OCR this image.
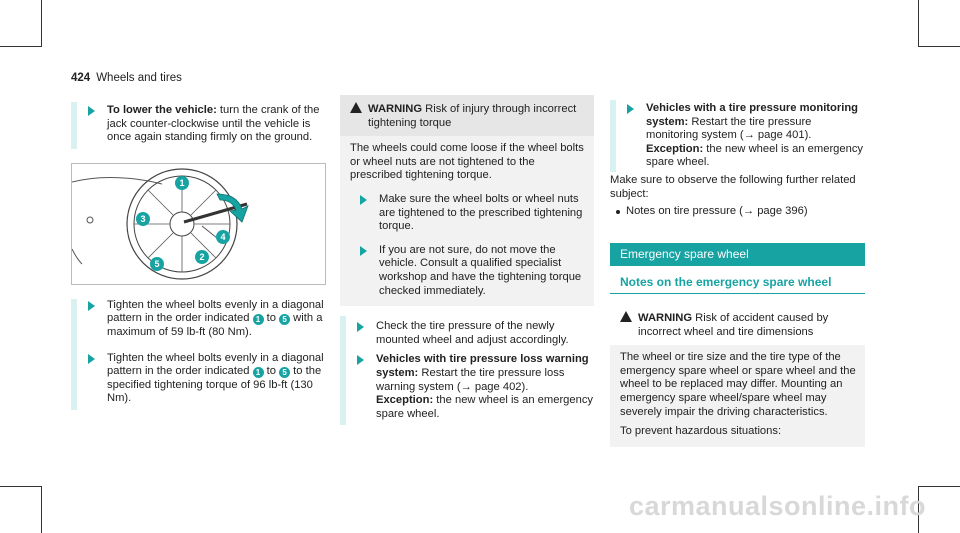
424 Wheels and tires
To lower the vehicle: turn the crank of the jack counter-clockwise until the vehicle is once again standing firmly on the ground.
1
2
3
4
5
Tighten the wheel bolts evenly in a diagonal pattern in the order indicated 1 to 5 with a maximum of 59 lb-ft (80 Nm).
Tighten the wheel bolts evenly in a diagonal pattern in the order indicated 1 to 5 to the specified tightening torque of 96 lb-ft (130 Nm).
!	WARNING Risk of injury through incorrect tightening torque

The wheels could come loose if the wheel bolts or wheel nuts are not tightened to the prescribed tightening torque.

Make sure the wheel bolts or wheel nuts are tightened to the prescribed tightening torque.
If you are not sure, do not move the vehicle. Consult a qualified specialist workshop and have the tightening torque checked immediately.
Check the tire pressure of the newly mounted wheel and adjust accordingly.
Vehicles with tire pressure loss warning system: Restart the tire pressure loss warning system (→ page 402).
Exception: the new wheel is an emergency spare wheel.
Vehicles with a tire pressure monitoring system: Restart the tire pressure monitoring system (→ page 401).
Exception: the new wheel is an emergency spare wheel.

Make sure to observe the following further related subject:

Notes on tire pressure (→ page 396)
Emergency spare wheel
Notes on the emergency spare wheel
!	WARNING Risk of accident caused by incorrect wheel and tire dimensions

The wheel or tire size and the tire type of the emergency spare wheel or spare wheel and the wheel to be replaced may differ. Mounting an emergency spare wheel/spare wheel may severely impair the driving characteristics.

To prevent hazardous situations:

carmanualsonline.info
